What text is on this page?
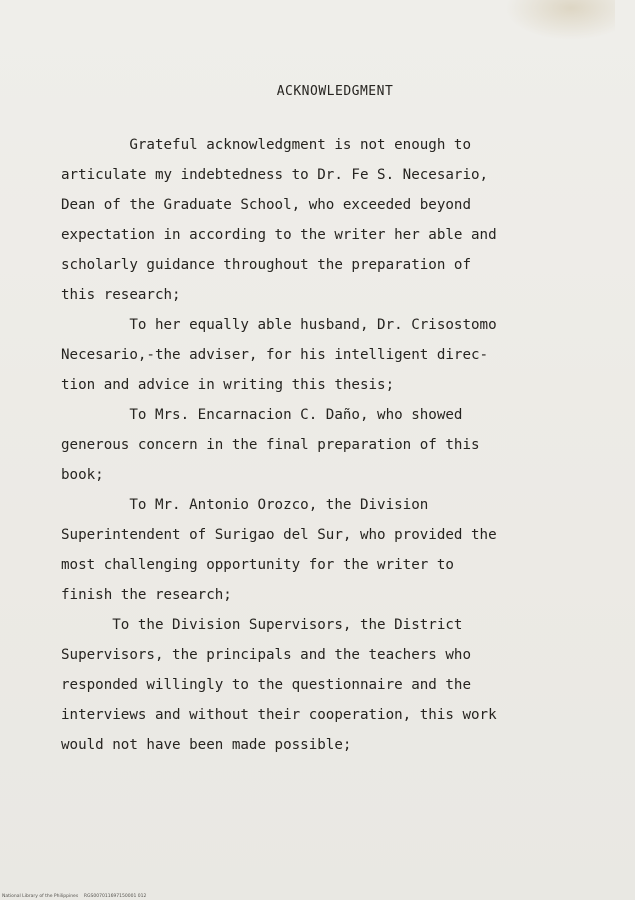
ACKNOWLEDGMENT
Grateful acknowledgment is not enough to
articulate my indebtedness to Dr. Fe S. Necesario,
Dean of the Graduate School, who exceeded beyond
expectation in according to the writer her able and
scholarly guidance throughout the preparation of
this research;
To her equally able husband, Dr. Crisostomo
Necesario,-the adviser, for his intelligent direc-
tion and advice in writing this thesis;
To Mrs. Encarnacion C. Daño, who showed
generous concern in the final preparation of this
book;
To Mr. Antonio Orozco, the Division
Superintendent of Surigao del Sur, who provided the
most challenging opportunity for the writer to
finish the research;
To the Division Supervisors, the District
Supervisors, the principals and the teachers who
responded willingly to the questionnaire and the
interviews and without their cooperation, this work
would not have been made possible;
National Library of the Philippines RGS007011697150001 012
